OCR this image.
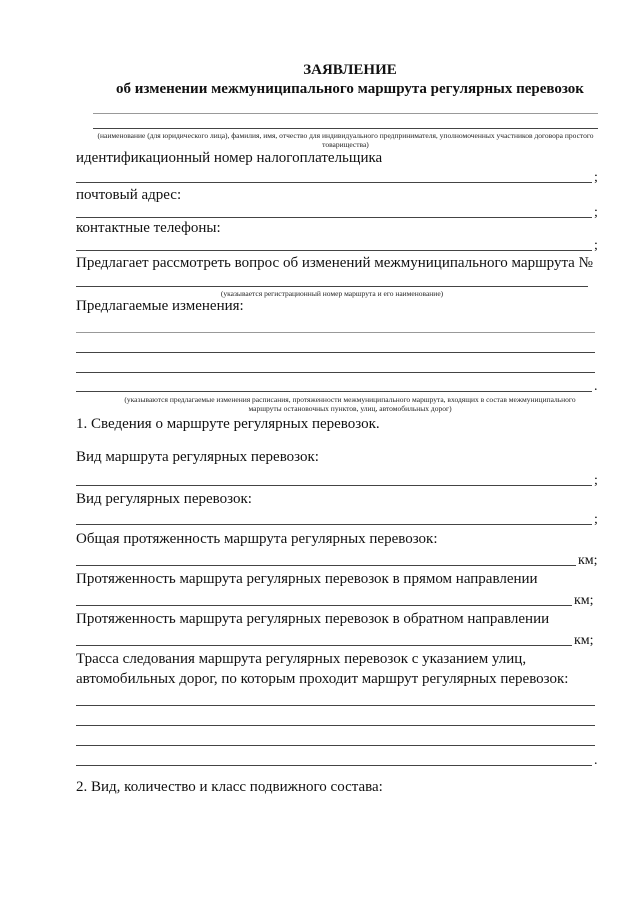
ЗАЯВЛЕНИЕ
об изменении межмуниципального маршрута регулярных перевозок
(наименование (для юридического лица), фамилия, имя, отчество для индивидуального предпринимателя, уполномоченных участников договора простого товарищества)
идентификационный номер налогоплательщика
;
почтовый адрес:
;
контактные телефоны:
;
Предлагает рассмотреть вопрос об изменений межмуниципального маршрута №
(указывается регистрационный номер маршрута и его наименование)
Предлагаемые изменения:
.
(указываются предлагаемые изменения расписания, протяженности межмуниципального маршрута, входящих в состав межмуниципального маршруты остановочных пунктов, улиц, автомобильных дорог)
1. Сведения о маршруте регулярных перевозок.
Вид маршрута регулярных перевозок:
;
Вид регулярных перевозок:
;
Общая протяженность маршрута регулярных перевозок:
км;
Протяженность маршрута регулярных перевозок в прямом направлении
км;
Протяженность маршрута регулярных перевозок в обратном направлении
км;
Трасса следования маршрута регулярных перевозок с указанием улиц,
автомобильных дорог, по которым проходит маршрут регулярных перевозок:
.
2. Вид, количество и класс подвижного состава:
